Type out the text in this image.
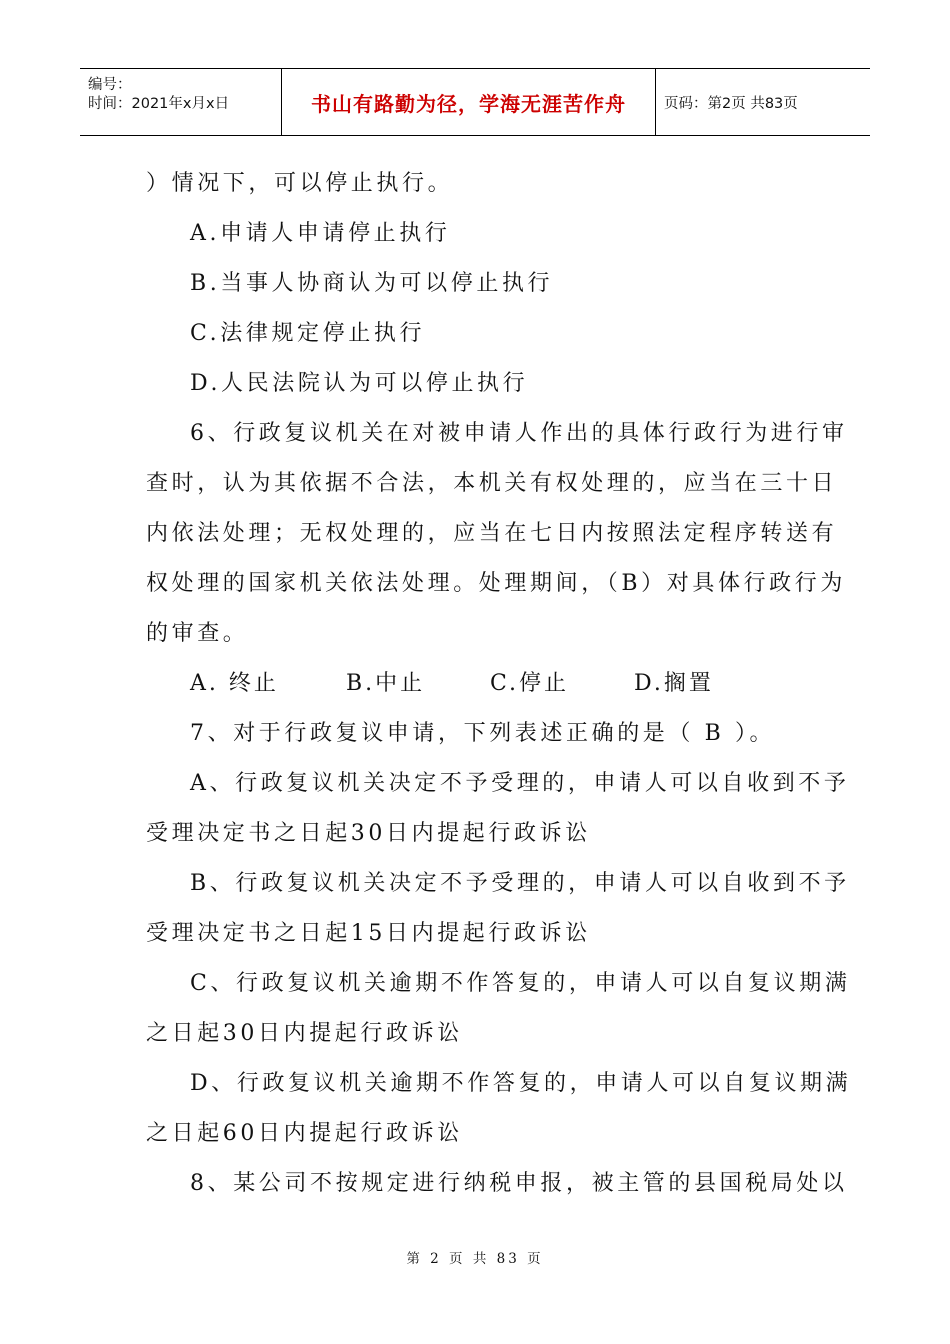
编号：
时间：2021年x月x日	书山有路勤为径，学海无涯苦作舟	页码：第2页 共83页
）情况下，可以停止执行。
A.申请人申请停止执行
B.当事人协商认为可以停止执行
C.法律规定停止执行
D.人民法院认为可以停止执行
6、行政复议机关在对被申请人作出的具体行政行为进行审
查时，认为其依据不合法，本机关有权处理的，应当在三十日
内依法处理；无权处理的，应当在七日内按照法定程序转送有
权处理的国家机关依法处理。处理期间，（B）对具体行政行为
的审查。
A. 终止	B.中止	C.停止	D.搁置
7、对于行政复议申请，下列表述正确的是（ B ）。
A、行政复议机关决定不予受理的，申请人可以自收到不予
受理决定书之日起30日内提起行政诉讼
B、行政复议机关决定不予受理的，申请人可以自收到不予
受理决定书之日起15日内提起行政诉讼
C、行政复议机关逾期不作答复的，申请人可以自复议期满
之日起30日内提起行政诉讼
D、行政复议机关逾期不作答复的，申请人可以自复议期满
之日起60日内提起行政诉讼
8、某公司不按规定进行纳税申报，被主管的县国税局处以
第 2 页 共 83 页
